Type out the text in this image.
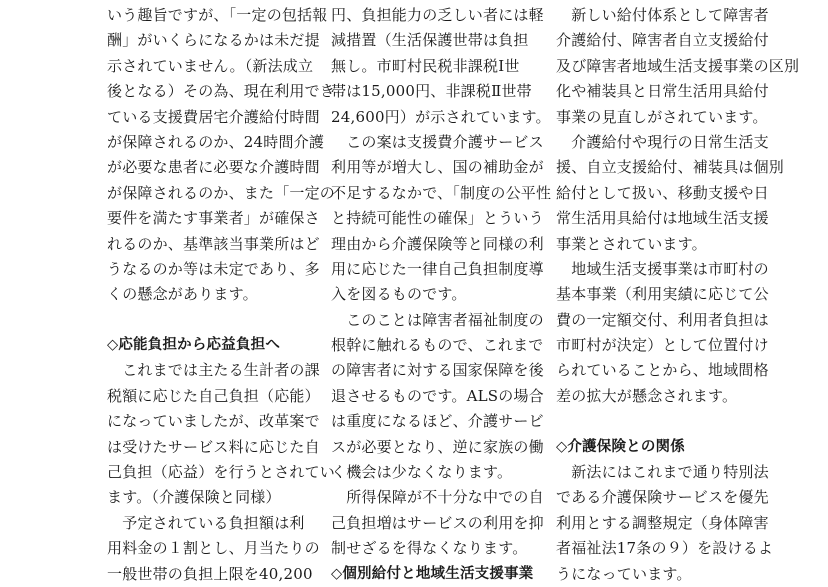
いう趣旨ですが、「一定の包括報
酬」がいくらになるかは未だ提
示されていません。（新法成立
後となる）その為、現在利用でき
ている支援費居宅介護給付時間
が保障されるのか、24時間介護
が必要な患者に必要な介護時間
が保障されるのか、また「一定の
要件を満たす事業者」が確保さ
れるのか、基準該当事業所はど
うなるのか等は未定であり、多
くの懸念があります。
◇応能負担から応益負担へ
　これまでは主たる生計者の課
税額に応じた自己負担（応能）
になっていましたが、改革案で
は受けたサービス料に応じた自
己負担（応益）を行うとされてい
ます。（介護保険と同様）
　予定されている負担額は利
用料金の１割とし、月当たりの
一般世帯の負担上限を40,200
円、負担能力の乏しい者には軽
減措置（生活保護世帯は負担
無し。市町村民税非課税Ⅰ世
帯は15,000円、非課税Ⅱ世帯
24,600円）が示されています。
　この案は支援費介護サービス
利用等が増大し、国の補助金が
不足するなかで、「制度の公平性
と持続可能性の確保」とういう
理由から介護保険等と同様の利
用に応じた一律自己負担制度導
入を図るものです。
　このことは障害者福祉制度の
根幹に触れるもので、これまで
の障害者に対する国家保障を後
退させるものです。ALSの場合
は重度になるほど、介護サービ
スが必要となり、逆に家族の働
く機会は少なくなります。
　所得保障が不十分な中での自
己負担増はサービスの利用を抑
制せざるを得なくなります。
◇個別給付と地域生活支援事業
　新しい給付体系として障害者
介護給付、障害者自立支援給付
及び障害者地域生活支援事業の区別
化や補装具と日常生活用具給付
事業の見直しがされています。
　介護給付や現行の日常生活支
援、自立支援給付、補装具は個別
給付として扱い、移動支援や日
常生活用具給付は地域生活支援
事業とされています。
　地域生活支援事業は市町村の
基本事業（利用実績に応じて公
費の一定額交付、利用者負担は
市町村が決定）として位置付け
られていることから、地域間格
差の拡大が懸念されます。
◇介護保険との関係
　新法にはこれまで通り特別法
である介護保険サービスを優先
利用とする調整規定（身体障害
者福祉法17条の９）を設けるよ
うになっています。
